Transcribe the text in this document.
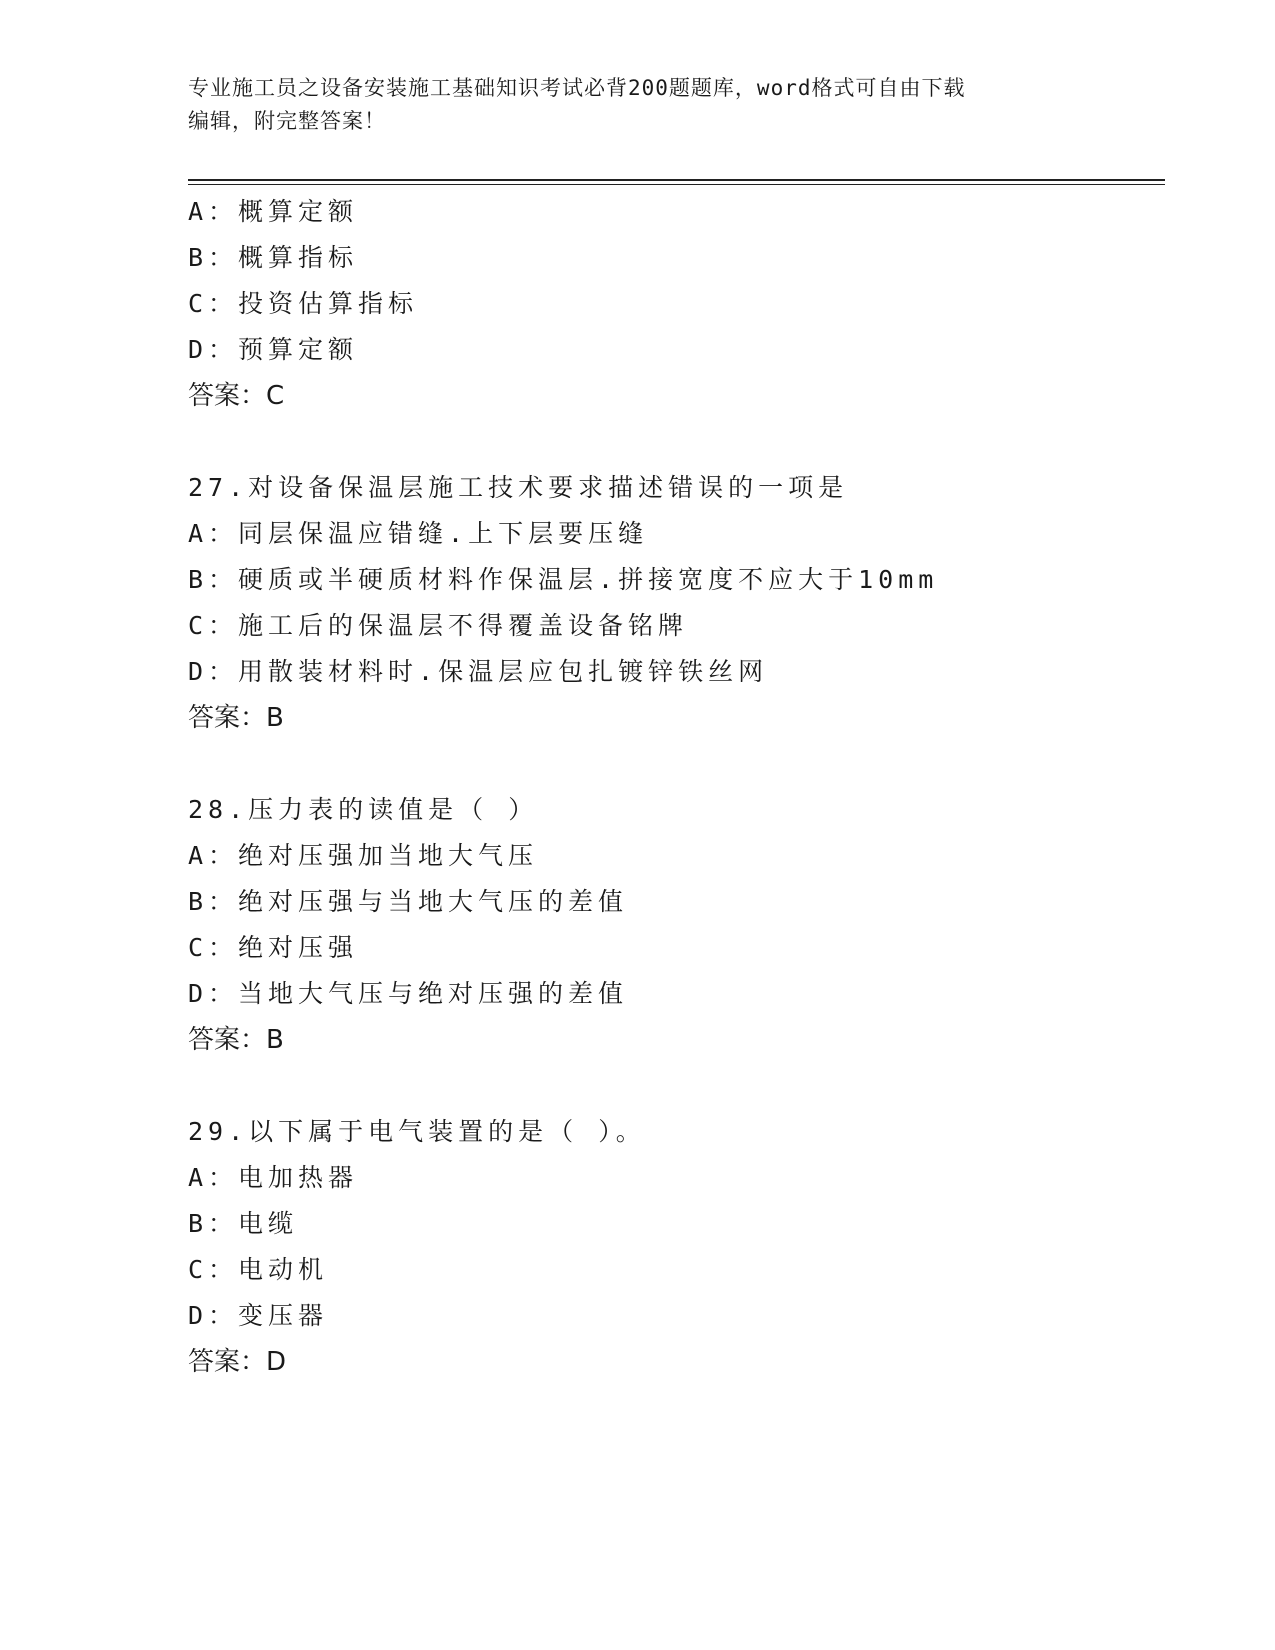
专业施工员之设备安装施工基础知识考试必背200题题库，word格式可自由下载
编辑，附完整答案！
A：概算定额
B：概算指标
C：投资估算指标
D：预算定额
答案：C
27.对设备保温层施工技术要求描述错误的一项是
A：同层保温应错缝.上下层要压缝
B：硬质或半硬质材料作保温层.拼接宽度不应大于10mm
C：施工后的保温层不得覆盖设备铭牌
D：用散装材料时.保温层应包扎镀锌铁丝网
答案：B
28.压力表的读值是（ ）
A：绝对压强加当地大气压
B：绝对压强与当地大气压的差值
C：绝对压强
D：当地大气压与绝对压强的差值
答案：B
29.以下属于电气装置的是（ ）。
A：电加热器
B：电缆
C：电动机
D：变压器
答案：D
